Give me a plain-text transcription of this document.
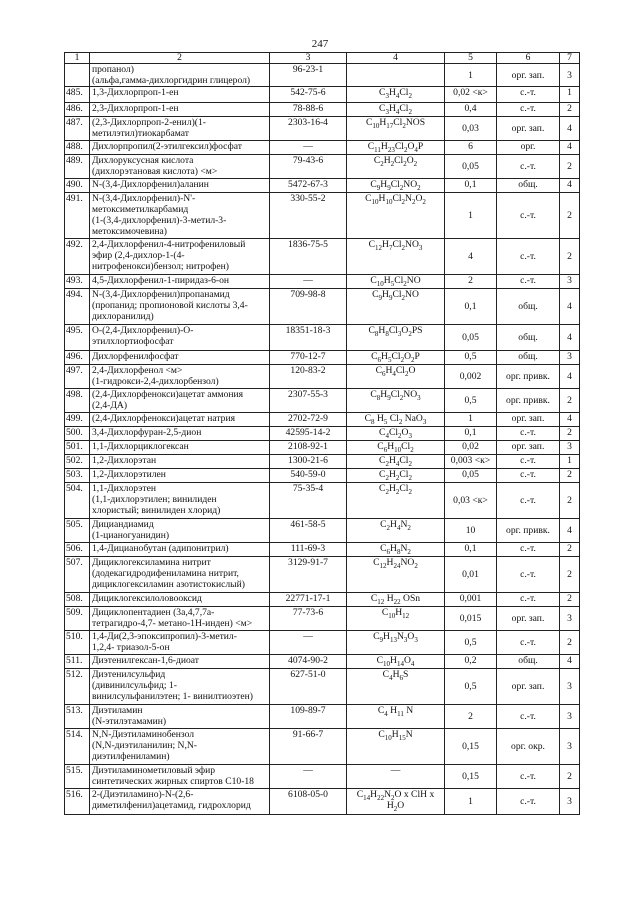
247
1	2	3	4	5	6	7
	пропанол)
(альфа,гамма-дихлоргидрин глицерол)	96-23-1		1	орг. зап.	3
485.	1,3-Дихлорпроп-1-ен	542-75-6	$C_3H_4Cl_2$	0,02 <к>	с.-т.	1
486.	2,3-Дихлорпроп-1-ен	78-88-6	$C_3H_4Cl_2$	0,4	с.-т.	2
487.	(2,3-Дихлорпроп-2-енил)(1-
метилэтил)тиокарбамат	2303-16-4	$C_{10}H_{17}Cl_2NOS$	0,03	орг. зап.	4
488.	Дихлорпропил(2-этилгексил)фосфат	—	$C_{11}H_{23}Cl_2O_4P$	6	орг.	4
489.	Дихлоруксусная кислота
(дихлорэтановая кислота) <м>	79-43-6	$C_2H_2Cl_2O_2$	0,05	с.-т.	2
490.	N-(3,4-Дихлорфенил)аланин	5472-67-3	$C_9H_9Cl_2NO_2$	0,1	общ.	4
491.	N-(3,4-Дихлорфенил)-N'-
метоксиметилкарбамид
(1-(3,4-дихлорфенил)-3-метил-3-
метоксимочевина)	330-55-2	$C_{10}H_{10}Cl_2N_2O_2$	1	с.-т.	2
492.	2,4-Дихлорфенил-4-нитрофениловый
эфир (2,4-дихлор-1-(4-
нитрофенокси)бензол; нитрофен)	1836-75-5	$C_{12}H_7Cl_2NO_3$	4	с.-т.	2
493.	4,5-Дихлорфенил-1-пиридаз-6-он	—	$C_{10}H_5Cl_2NO$	2	с.-т.	3
494.	N-(3,4-Дихлорфенил)пропанамид
(пропанид; пропионовой кислоты 3,4-
дихлоранилид)	709-98-8	$C_9H_9Cl_2NO$	0,1	общ.	4
495.	O-(2,4-Дихлорфенил)-O-
этилхлортиофосфат	18351-18-3	$C_8H_8Cl_3O_2PS$	0,05	общ.	4
496.	Дихлорфенилфосфат	770-12-7	$C_6H_5Cl_2O_2P$	0,5	общ.	3
497.	2,4-Дихлорфенол <м>
(1-гидрокси-2,4-дихлорбензол)	120-83-2	$C_6H_4Cl_2O$	0,002	орг. привк.	4
498.	(2,4-Дихлорфенокси)ацетат аммония
(2,4-ДА)	2307-55-3	$C_8H_9Cl_2NO_3$	0,5	орг. привк.	2
499.	(2,4-Дихлорфенокси)ацетат натрия	2702-72-9	$C_8$ $H_5$ $Cl_2$ NaO$_3$	1	орг. зап.	4
500.	3,4-Дихлорфуран-2,5-дион	42595-14-2	$C_4Cl_2O_3$	0,1	с.-т.	2
501.	1,1-Дихлорциклогексан	2108-92-1	$C_6H_{10}Cl_2$	0,02	орг. зап.	3
502.	1,2-Дихлорэтан	1300-21-6	$C_2H_4Cl_2$	0,003 <к>	с.-т.	1
503.	1,2-Дихлорэтилен	540-59-0	$C_2H_2Cl_2$	0,05	с.-т.	2
504.	1,1-Дихлорэтен
(1,1-дихлорэтилен; винилиден
хлористый; винилиден хлорид)	75-35-4	$C_2H_2Cl_2$	0,03 <к>	с.-т.	2
505.	Дициандиамид
(1-цианогуанидин)	461-58-5	$C_2H_4N_2$	10	орг. привк.	4
506.	1,4-Дицианобутан (адипонитрил)	111-69-3	$C_6H_8N_2$	0,1	с.-т.	2
507.	Дициклогексиламина нитрит
(додекагидродифениламина нитрит,
дициклогексиламин азотистокислый)	3129-91-7	$C_{12}H_{24}NO_2$	0,01	с.-т.	2
508.	Дициклогексилоловооксид	22771-17-1	$C_{12}$ $H_{22}$ OSn	0,001	с.-т.	2
509.	Дициклопентадиен (3a,4,7,7a-
тетрагидро-4,7- метано-1H-инден) <м>	77-73-6	$C_{10}H_{12}$	0,015	орг. зап.	3
510.	1,4-Ди(2,3-эпоксипропил)-3-метил-
1,2,4- триазол-5-он	—	$C_9H_{13}N_3O_3$	0,5	с.-т.	2
511.	Диэтенилгексан-1,6-диоат	4074-90-2	$C_{10}H_{14}O_4$	0,2	общ.	4
512.	Диэтенилсульфид
(дивинилсульфид; 1-
винилсульфанилэтен; 1- винилтиоэтен)	627-51-0	$C_4H_6S$	0,5	орг. зап.	3
513.	Диэтиламин
(N-этилэтамамин)	109-89-7	$C_4$ $H_{11}$ N	2	с.-т.	3
514.	N,N-Диэтиламинобензол
(N,N-диэтиланилин; N,N-
диэтилфениламин)	91-66-7	$C_{10}H_{15}N$	0,15	орг. окр.	3
515.	Диэтиламинометиловый эфир
синтетических жирных спиртов C10-18	—	—	0,15	с.-т.	2
516.	2-(Диэтиламино)-N-(2,6-
диметилфенил)ацетамид, гидрохлорид	6108-05-0	$C_{14}H_{22}N_2O$ x ClH x
$H_2O$	1	с.-т.	3
